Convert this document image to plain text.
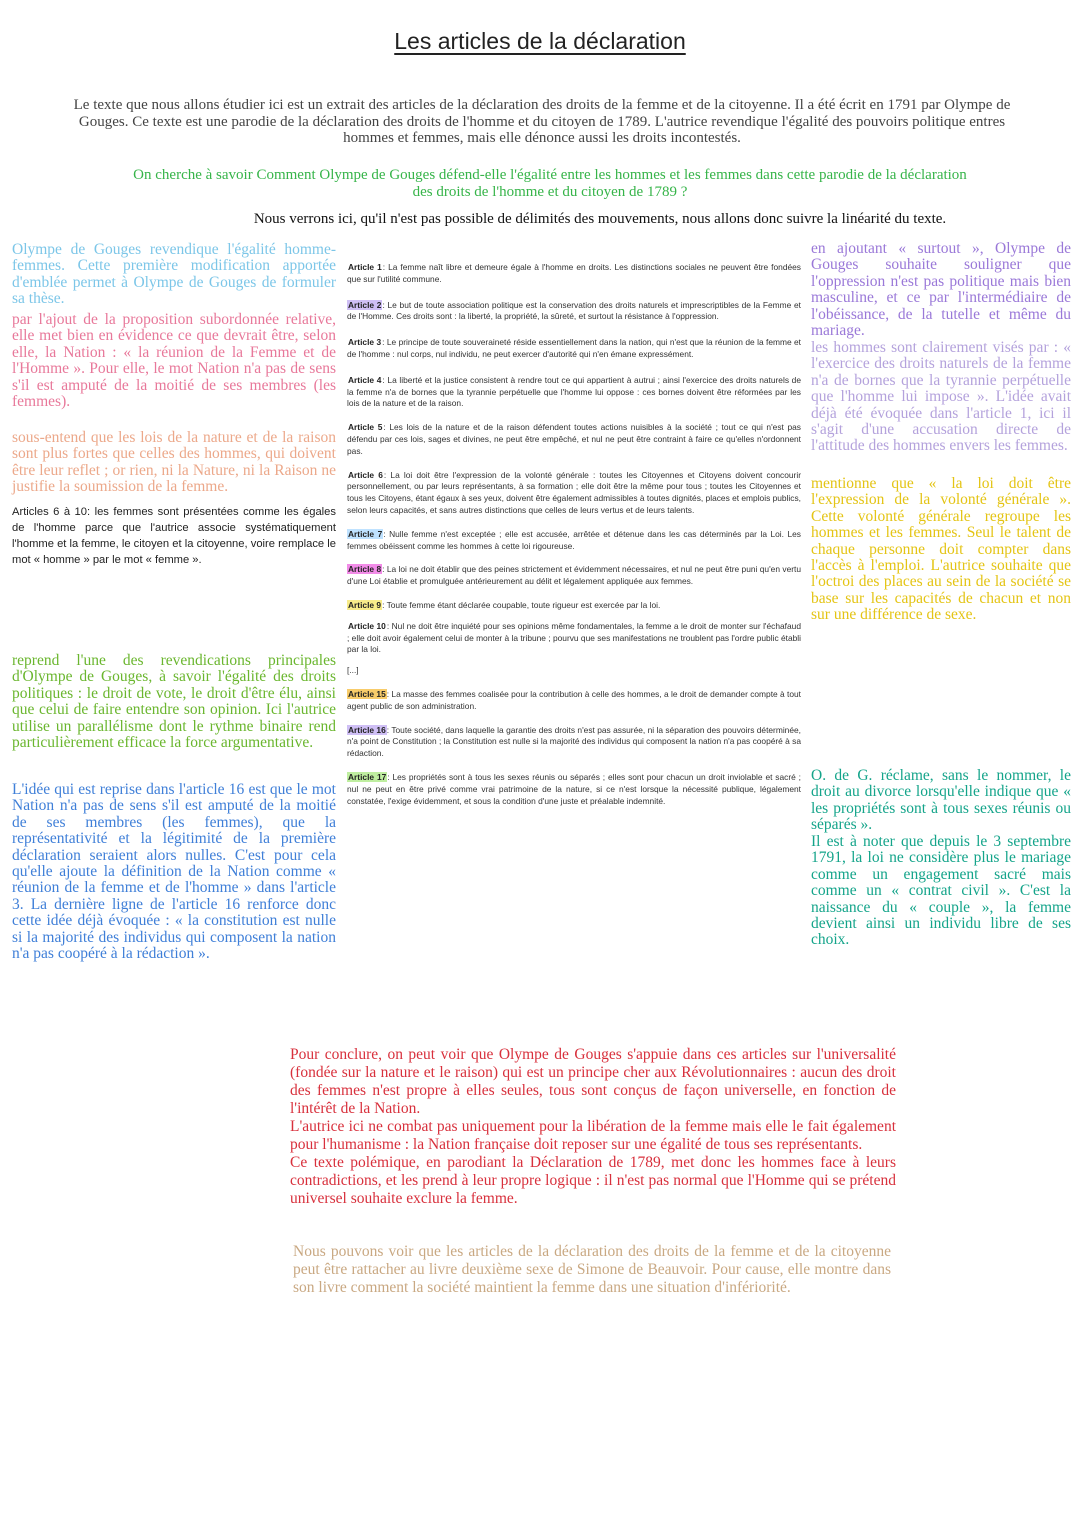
Les articles de la déclaration
Le texte que nous allons étudier ici est un extrait des articles de la déclaration des droits de la femme et de la citoyenne. Il a été écrit en 1791 par Olympe de Gouges. Ce texte est une parodie de la déclaration des droits de l'homme et du citoyen de 1789. L'autrice revendique l'égalité des pouvoirs politique entres hommes et femmes, mais elle dénonce aussi les droits incontestés.
On cherche à savoir Comment Olympe de Gouges défend-elle l'égalité entre les hommes et les femmes dans cette parodie de la déclaration des droits de l'homme et du citoyen de 1789 ?
Nous verrons ici, qu'il n'est pas possible de délimités des mouvements, nous allons donc suivre la linéarité du texte.

Olympe de Gouges revendique l'égalité homme-femmes. Cette première modification apportée d'emblée permet à Olympe de Gouges de formuler sa thèse.

par l'ajout de la proposition subordonnée relative, elle met bien en évidence ce que devrait être, selon elle, la Nation : « la réunion de la Femme et de l'Homme ». Pour elle, le mot Nation n'a pas de sens s'il est amputé de la moitié de ses membres (les femmes).

sous-entend que les lois de la nature et de la raison sont plus fortes que celles des hommes, qui doivent être leur reflet ; or rien, ni la Nature, ni la Raison ne justifie la soumission de la femme.

Articles 6 à 10: les femmes sont présentées comme les égales de l'homme parce que l'autrice associe systématiquement l'homme et la femme, le citoyen et la citoyenne, voire remplace le mot « homme » par le mot « femme ».

reprend l'une des revendications principales d'Olympe de Gouges, à savoir l'égalité des droits politiques : le droit de vote, le droit d'être élu, ainsi que celui de faire entendre son opinion. Ici l'autrice utilise un parallélisme dont le rythme binaire rend particulièrement efficace la force argumentative.

L'idée qui est reprise dans l'article 16 est que le mot Nation n'a pas de sens s'il est amputé de la moitié de ses membres (les femmes), que la représentativité et la légitimité de la première déclaration seraient alors nulles. C'est pour cela qu'elle ajoute la définition de la Nation comme « réunion de la femme et de l'homme » dans l'article 3. La dernière ligne de l'article 16 renforce donc cette idée déjà évoquée : « la constitution est nulle si la majorité des individus qui composent la nation n'a pas coopéré à la rédaction ».

Article 1: La femme naît libre et demeure égale à l'homme en droits. Les distinctions sociales ne peuvent être fondées que sur l'utilité commune.

Article 2: Le but de toute association politique est la conservation des droits naturels et imprescriptibles de la Femme et de l'Homme. Ces droits sont : la liberté, la propriété, la sûreté, et surtout la résistance à l'oppression.

Article 3: Le principe de toute souveraineté réside essentiellement dans la nation, qui n'est que la réunion de la femme et de l'homme : nul corps, nul individu, ne peut exercer d'autorité qui n'en émane expressément.

Article 4: La liberté et la justice consistent à rendre tout ce qui appartient à autrui ; ainsi l'exercice des droits naturels de la femme n'a de bornes que la tyrannie perpétuelle que l'homme lui oppose : ces bornes doivent être réformées par les lois de la nature et de la raison.

Article 5: Les lois de la nature et de la raison défendent toutes actions nuisibles à la société ; tout ce qui n'est pas défendu par ces lois, sages et divines, ne peut être empêché, et nul ne peut être contraint à faire ce qu'elles n'ordonnent pas.

Article 6: La loi doit être l'expression de la volonté générale : toutes les Citoyennes et Citoyens doivent concourir personnellement, ou par leurs représentants, à sa formation ; elle doit être la même pour tous ; toutes les Citoyennes et tous les Citoyens, étant égaux à ses yeux, doivent être également admissibles à toutes dignités, places et emplois publics, selon leurs capacités, et sans autres distinctions que celles de leurs vertus et de leurs talents.

Article 7: Nulle femme n'est exceptée ; elle est accusée, arrêtée et détenue dans les cas déterminés par la Loi. Les femmes obéissent comme les hommes à cette loi rigoureuse.

Article 8: La loi ne doit établir que des peines strictement et évidemment nécessaires, et nul ne peut être puni qu'en vertu d'une Loi établie et promulguée antérieurement au délit et légalement appliquée aux femmes.

Article 9: Toute femme étant déclarée coupable, toute rigueur est exercée par la loi.

Article 10: Nul ne doit être inquiété pour ses opinions même fondamentales, la femme a le droit de monter sur l'échafaud ; elle doit avoir également celui de monter à la tribune ; pourvu que ses manifestations ne troublent pas l'ordre public établi par la loi.

[...]

Article 15: La masse des femmes coalisée pour la contribution à celle des hommes, a le droit de demander compte à tout agent public de son administration.

Article 16: Toute société, dans laquelle la garantie des droits n'est pas assurée, ni la séparation des pouvoirs déterminée, n'a point de Constitution ; la Constitution est nulle si la majorité des individus qui composent la nation n'a pas coopéré à sa rédaction.

Article 17: Les propriétés sont à tous les sexes réunis ou séparés ; elles sont pour chacun un droit inviolable et sacré ; nul ne peut en être privé comme vrai patrimoine de la nature, si ce n'est lorsque la nécessité publique, légalement constatée, l'exige évidemment, et sous la condition d'une juste et préalable indemnité.

en ajoutant « surtout », Olympe de Gouges souhaite souligner que l'oppression n'est pas politique mais bien masculine, et ce par l'intermédiaire de l'obéissance, de la tutelle et même du mariage.

les hommes sont clairement visés par : « l'exercice des droits naturels de la femme n'a de bornes que la tyrannie perpétuelle que l'homme lui impose ». L'idée avait déjà été évoquée dans l'article 1, ici il s'agit d'une accusation directe de l'attitude des hommes envers les femmes.

mentionne que « la loi doit être l'expression de la volonté générale ». Cette volonté générale regroupe les hommes et les femmes. Seul le talent de chaque personne doit compter dans l'accès à l'emploi. L'autrice souhaite que l'octroi des places au sein de la société se base sur les capacités de chacun et non sur une différence de sexe.

O. de G. réclame, sans le nommer, le droit au divorce lorsqu'elle indique que « les propriétés sont à tous sexes réunis ou séparés ».

Il est à noter que depuis le 3 septembre 1791, la loi ne considère plus le mariage comme un engagement sacré mais comme un « contrat civil ». C'est la naissance du « couple », la femme devient ainsi un individu libre de ses choix.

Pour conclure, on peut voir que Olympe de Gouges s'appuie dans ces articles sur l'universalité (fondée sur la nature et le raison) qui est un principe cher aux Révolutionnaires : aucun des droit des femmes n'est propre à elles seules, tous sont conçus de façon universelle, en fonction de l'intérêt de la Nation.

L'autrice ici ne combat pas uniquement pour la libération de la femme mais elle le fait également pour l'humanisme : la Nation française doit reposer sur une égalité de tous ses représentants.

Ce texte polémique, en parodiant la Déclaration de 1789, met donc les hommes face à leurs contradictions, et les prend à leur propre logique : il n'est pas normal que l'Homme qui se prétend universel souhaite exclure la femme.

Nous pouvons voir que les articles de la déclaration des droits de la femme et de la citoyenne peut être rattacher au livre deuxième sexe de Simone de Beauvoir. Pour cause, elle montre dans son livre comment la société maintient la femme dans une situation d'infériorité.
